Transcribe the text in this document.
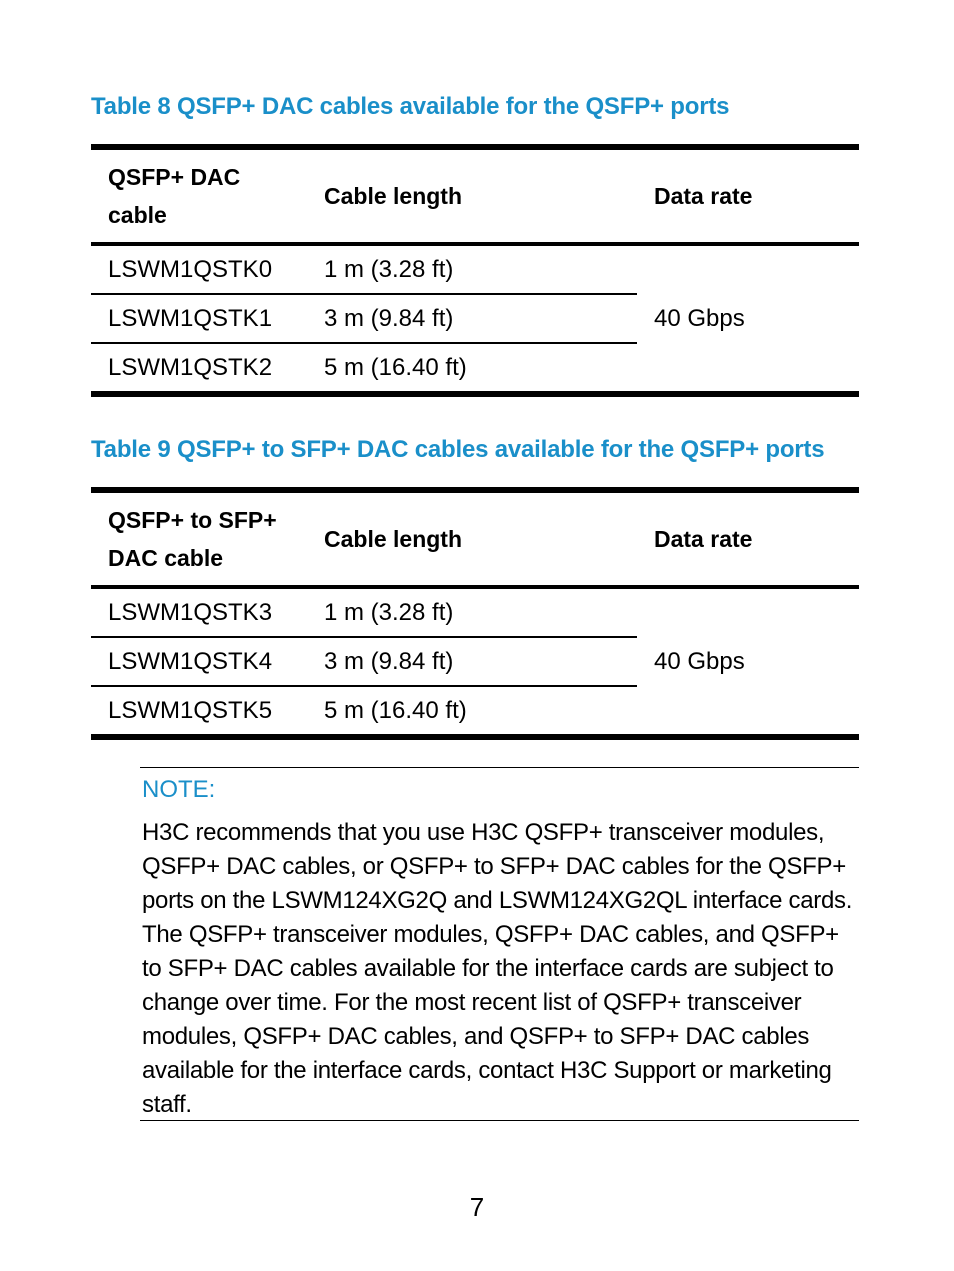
Table 8 QSFP+ DAC cables available for the QSFP+ ports
QSFP+ DAC cable	Cable length	Data rate
LSWM1QSTK0	1 m (3.28 ft)	40 Gbps
LSWM1QSTK1	3 m (9.84 ft)	
LSWM1QSTK2	5 m (16.40 ft)	
Table 9 QSFP+ to SFP+ DAC cables available for the QSFP+ ports
QSFP+ to SFP+ DAC cable	Cable length	Data rate
LSWM1QSTK3	1 m (3.28 ft)	40 Gbps
LSWM1QSTK4	3 m (9.84 ft)	
LSWM1QSTK5	5 m (16.40 ft)	
NOTE:
H3C recommends that you use H3C QSFP+ transceiver modules, QSFP+ DAC cables, or QSFP+ to SFP+ DAC cables for the QSFP+ ports on the LSWM124XG2Q and LSWM124XG2QL interface cards. The QSFP+ transceiver modules, QSFP+ DAC cables, and QSFP+ to SFP+ DAC cables available for the interface cards are subject to change over time. For the most recent list of QSFP+ transceiver modules, QSFP+ DAC cables, and QSFP+ to SFP+ DAC cables available for the interface cards, contact H3C Support or marketing staff.
7
